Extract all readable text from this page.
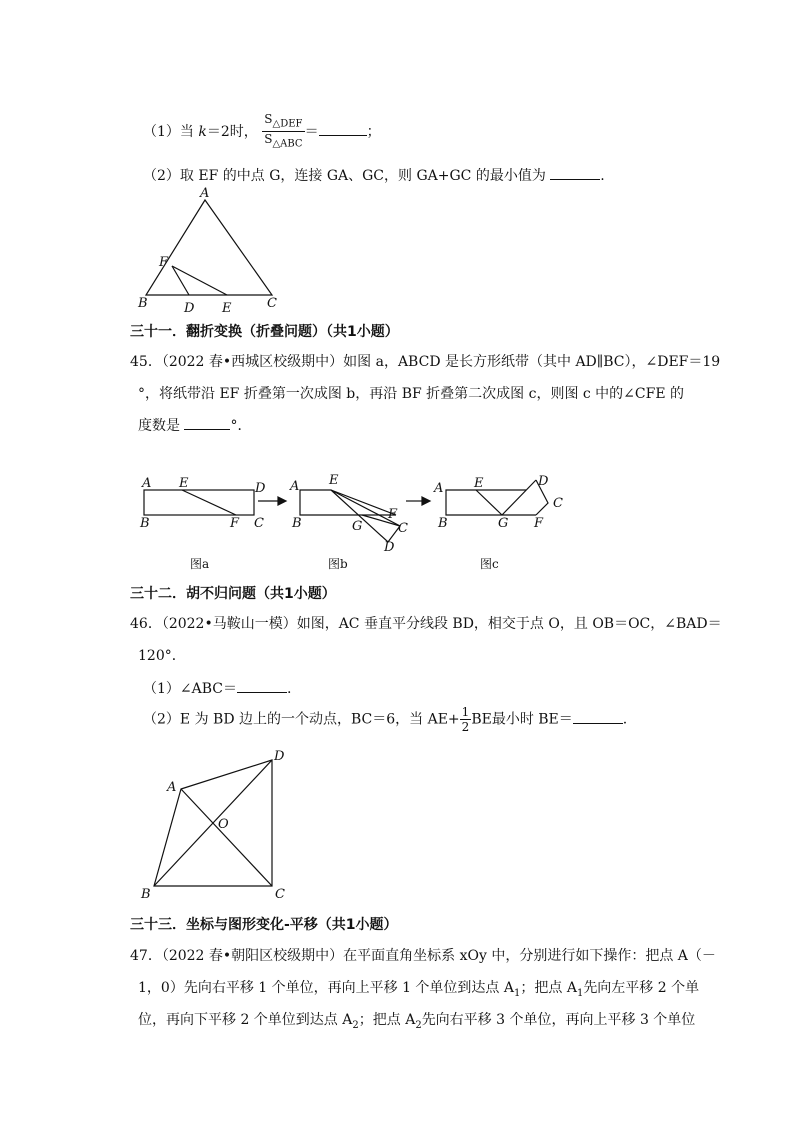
（1）当 k＝2时， $\frac{S_{\triangle DEF}}{S_{\triangle ABC}}$ ＝	；
（2）取 EF 的中点 G，连接 GA、GC，则 GA+GC 的最小值为	.
A
F
B	D E	C
三十一．翻折变换（折叠问题）（共1小题）
45．（2022 春•西城区校级期中）如图 a，ABCD 是长方形纸带（其中 AD∥BC），∠DEF＝19
°，将纸带沿 EF 折叠第一次成图 b，再沿 BF 折叠第二次成图 c，则图 c 中的∠CFE 的
度数是	°．
A E	D
B	F C
图a
A E
B	G
F
C
D
图b
A E	D
C
B	G F
图c
三十二．胡不归问题（共1小题）
46．（2022•马鞍山一模）如图，AC 垂直平分线段 BD，相交于点 O，且 OB＝OC，∠BAD＝
120°．
（1）∠ABC＝	.
（2）E 为 BD 边上的一个动点，BC＝6，当 $AE+ \frac{1}{2}$ BE最小时 BE＝	.
A
D
O
B	C
三十三．坐标与图形变化-平移（共1小题）
47．（2022 春•朝阳区校级期中）在平面直角坐标系 xOy 中，分别进行如下操作：把点 A（－
1，0）先向右平移 1 个单位，再向上平移 1 个单位到达点 $A_1$；把点 $A_1$先向左平移 2 个单
位，再向下平移 2 个单位到达点 $A_2$；把点 $A_2$先向右平移 3 个单位，再向上平移 3 个单位
